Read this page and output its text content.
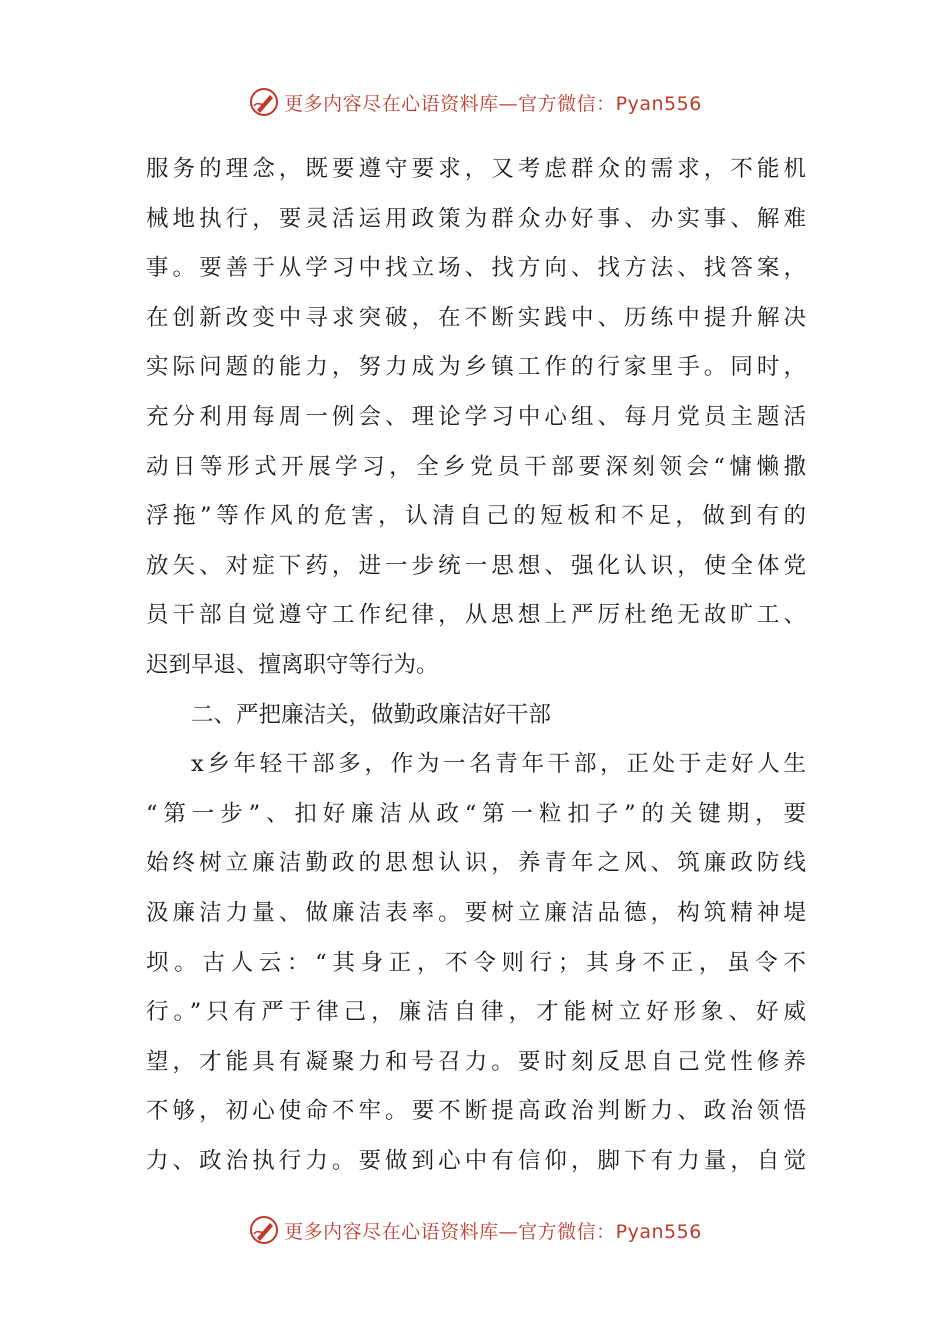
更多内容尽在心语资料库—官方微信：Pyan556
服务的理念，既要遵守要求，又考虑群众的需求，不能机
械地执行，要灵活运用政策为群众办好事、办实事、解难
事。要善于从学习中找立场、找方向、找方法、找答案，
在创新改变中寻求突破，在不断实践中、历练中提升解决
实际问题的能力，努力成为乡镇工作的行家里手。同时，
充分利用每周一例会、理论学习中心组、每月党员主题活
动日等形式开展学习，全乡党员干部要深刻领会“慵懒撒
浮拖”等作风的危害，认清自己的短板和不足，做到有的
放矢、对症下药，进一步统一思想、强化认识，使全体党
员干部自觉遵守工作纪律，从思想上严厉杜绝无故旷工、
迟到早退、擅离职守等行为。
二、严把廉洁关，做勤政廉洁好干部
x乡年轻干部多，作为一名青年干部，正处于走好人生
“第一步”、扣好廉洁从政“第一粒扣子”的关键期，要
始终树立廉洁勤政的思想认识，养青年之风、筑廉政防线
汲廉洁力量、做廉洁表率。要树立廉洁品德，构筑精神堤
坝。古人云：“其身正，不令则行；其身不正，虽令不
行。”只有严于律己，廉洁自律，才能树立好形象、好威
望，才能具有凝聚力和号召力。要时刻反思自己党性修养
不够，初心使命不牢。要不断提高政治判断力、政治领悟
力、政治执行力。要做到心中有信仰，脚下有力量，自觉
更多内容尽在心语资料库—官方微信：Pyan556
